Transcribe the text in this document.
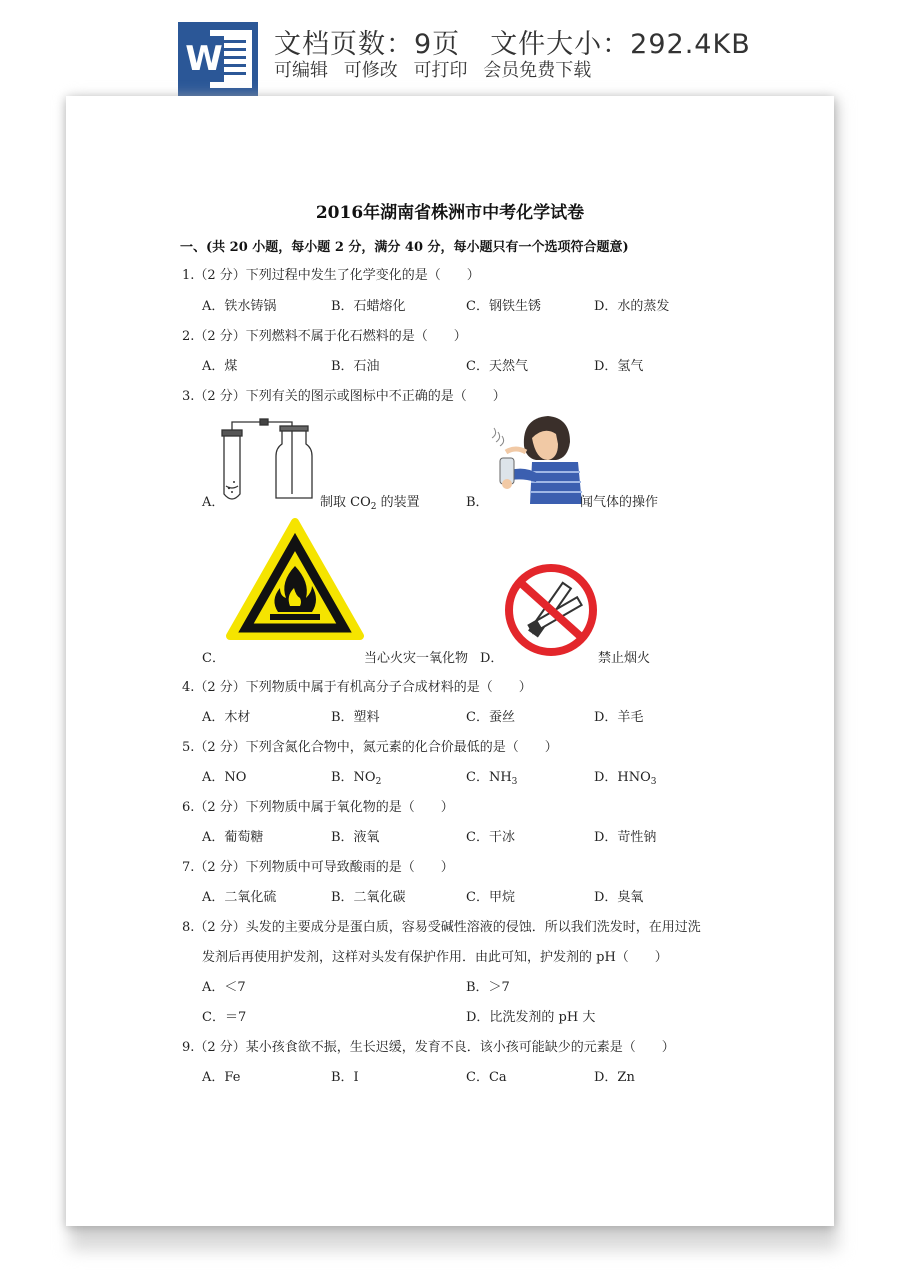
W 文档页数：9页 文件大小：292.4KB
可编辑 可修改 可打印 会员免费下载
2016年湖南省株洲市中考化学试卷
一、(共 20 小题，每小题 2 分，满分 40 分，每小题只有一个选项符合题意)
1.（2 分）下列过程中发生了化学变化的是（　　）
A．铁水铸锅	B．石蜡熔化	C．钢铁生锈	D．水的蒸发
2.（2 分）下列燃料不属于化石燃料的是（　　）
A．煤	B．石油	C．天然气	D．氢气
3.（2 分）下列有关的图示或图标中不正确的是（　　）
A．	制取 $CO_2$ 的装置	B．	闻气体的操作
C．	当心火灾一氧化物 D．	禁止烟火
4.（2 分）下列物质中属于有机高分子合成材料的是（　　）
A．木材	B．塑料	C．蚕丝	D．羊毛
5.（2 分）下列含氮化合物中，氮元素的化合价最低的是（　　）
A．NO	B．$NO_2$	C．$NH_3$	D．$HNO_3$
6.（2 分）下列物质中属于氧化物的是（　　）
A．葡萄糖	B．液氧	C．干冰	D．苛性钠
7.（2 分）下列物质中可导致酸雨的是（　　）
A．二氧化硫	B．二氧化碳	C．甲烷	D．臭氧
8.（2 分）头发的主要成分是蛋白质，容易受碱性溶液的侵蚀．所以我们洗发时，在用过洗
发剂后再使用护发剂，这样对头发有保护作用．由此可知，护发剂的 pH（　　）
A．＜7	B．＞7
C．＝7	D．比洗发剂的 pH 大
9.（2 分）某小孩食欲不振，生长迟缓，发育不良．该小孩可能缺少的元素是（　　）
A．Fe	B．I	C．Ca	D．Zn
